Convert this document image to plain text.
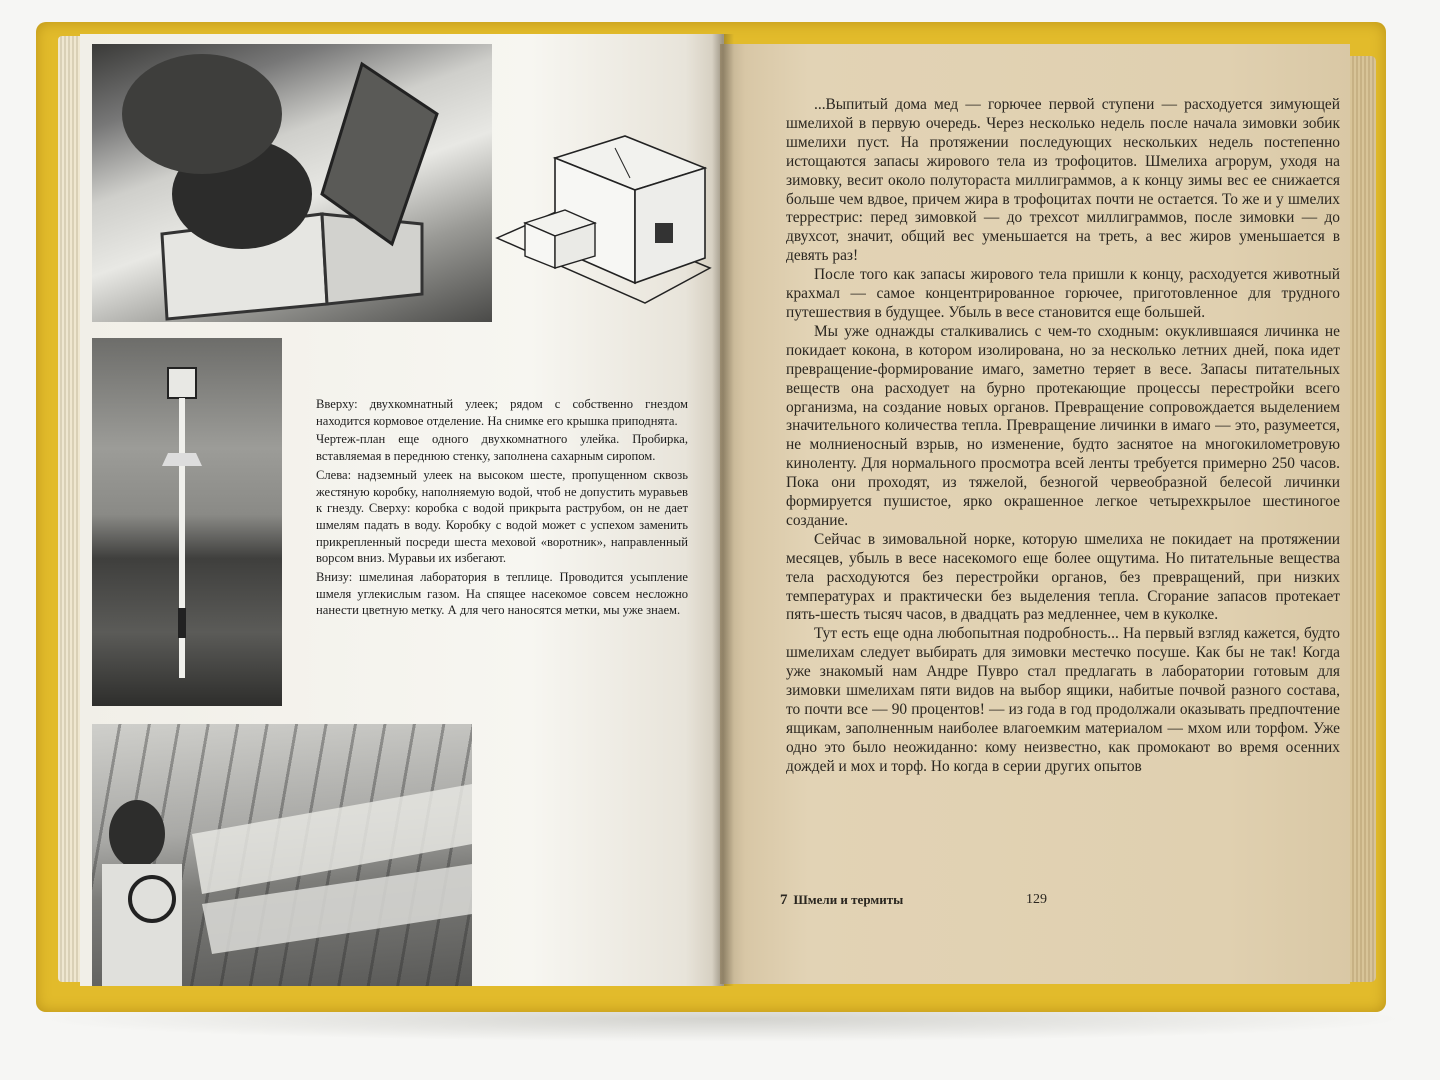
Вверху: двухкомнатный улеек; рядом с собственно гнездом находится кормовое отделение. На снимке его крышка приподнята.

Чертеж-план еще одного двухкомнатного улейка. Пробирка, вставляемая в переднюю стенку, заполнена сахарным сиропом.

Слева: надземный улеек на высоком шесте, пропущенном сквозь жестяную коробку, наполняемую водой, чтоб не допустить муравьев к гнезду. Сверху: коробка с водой прикрыта раструбом, он не дает шмелям падать в воду. Коробку с водой может с успехом заменить прикрепленный посреди шеста меховой «воротник», направленный ворсом вниз. Муравьи их избегают.

Внизу: шмелиная лаборатория в теплице. Проводится усыпление шмеля углекислым газом. На спящее насекомое совсем несложно нанести цветную метку. А для чего наносятся метки, мы уже знаем.

...Выпитый дома мед — горючее первой ступени — расходуется зимующей шмелихой в первую очередь. Через несколько недель после начала зимовки зобик шмелихи пуст. На протяжении последующих нескольких недель постепенно истощаются запасы жирового тела из трофоцитов. Шмелиха агрорум, уходя на зимовку, весит около полутораста миллиграммов, а к концу зимы вес ее снижается больше чем вдвое, причем жира в трофоцитах почти не остается. То же и у шмелих террестрис: перед зимовкой — до трехсот миллиграммов, после зимовки — до двухсот, значит, общий вес уменьшается на треть, а вес жиров уменьшается в девять раз!

После того как запасы жирового тела пришли к концу, расходуется животный крахмал — самое концентрированное горючее, приготовленное для трудного путешествия в будущее. Убыль в весе становится еще большей.

Мы уже однажды сталкивались с чем-то сходным: окуклившаяся личинка не покидает кокона, в котором изолирована, но за несколько летних дней, пока идет превращение-формирование имаго, заметно теряет в весе. Запасы питательных веществ она расходует на бурно протекающие процессы перестройки всего организма, на создание новых органов. Превращение сопровождается выделением значительного количества тепла. Превращение личинки в имаго — это, разумеется, не молниеносный взрыв, но изменение, будто заснятое на многокилометровую киноленту. Для нормального просмотра всей ленты требуется примерно 250 часов. Пока они проходят, из тяжелой, безногой червеобразной белесой личинки формируется пушистое, ярко окрашенное легкое четырехкрылое шестиногое создание.

Сейчас в зимовальной норке, которую шмелиха не покидает на протяжении месяцев, убыль в весе насекомого еще более ощутима. Но питательные вещества тела расходуются без перестройки органов, без превращений, при низких температурах и практически без выделения тепла. Сгорание запасов протекает пять-шесть тысяч часов, в двадцать раз медленнее, чем в куколке.

Тут есть еще одна любопытная подробность... На первый взгляд кажется, будто шмелихам следует выбирать для зимовки местечко посуше. Как бы не так! Когда уже знакомый нам Андре Пувро стал предлагать в лаборатории готовым для зимовки шмелихам пяти видов на выбор ящики, набитые почвой разного состава, то почти все — 90 процентов! — из года в год продолжали оказывать предпочтение ящикам, заполненным наиболее влагоемким материалом — мхом или торфом. Уже одно это было неожиданно: кому неизвестно, как промокают во время осенних дождей и мох и торф. Но когда в серии других опытов

7 Шмели и термиты	129
